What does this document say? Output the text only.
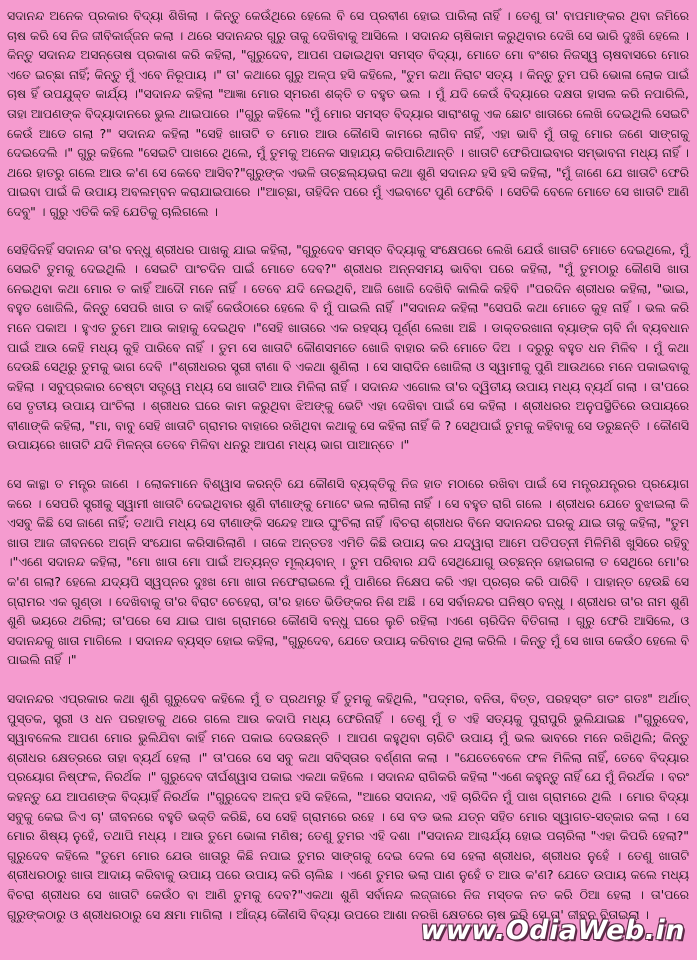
ସଦାନନ୍ଦ ଅନେକ ପ୍ରକାର ବିଦ୍ୟା ଶିଖିଲା । କିନ୍ତୁ କେଉଁଥିରେ ହେଲେ ବି ସେ ପ୍ରବୀଣ ହୋଇ ପାରିଲା ନାହିଁ । ତେଣୁ ତା' ବାପମାଙ୍କର ଥିବା ଜମିରେ ଚାଷ କରି ସେ ନିଜ ଜୀବିକାର୍ଜ୍ଜନ କଲା । ଥରେ ସଦାନନ୍ଦର ଗୁରୁ ତାକୁ ଦେଖିବାକୁ ଆସିଲେ । ସଦାନନ୍ଦ ଚାଷିକାମ କରୁଥିବାର ଦେଖି ସେ ଭାରି ଦୁଃଖି ହେଲେ । କିନ୍ତୁ ସଦାନନ୍ଦ ଅସନ୍ତୋଷ ପ୍ରକାଶ କରି କହିଲା, "ଗୁରୁଦେବ, ଆପଣ ପଢାଇଥିବା ସମସ୍ତ ବିଦ୍ୟା, ମୋତେ ମୋ ବଂଶର ନିଜସ୍ୱ ଚାଷବାସରେ ମୋର ଏତେ ଇଚ୍ଛା ନାହିଁ; କିନ୍ତୁ ମୁଁ ଏବେ ନିରୂପାୟ ।" ତା' କଥାରେ ଗୁରୁ ଅଳ୍ପ ହସି କହିଲେ, "ତୁମ କଥା ନିରାଟ ସତ୍ୟ । କିନ୍ତୁ ତୁମ ପରି ଭୋଳା ଲୋକ ପାଇଁ ଚାଷ ହିଁ ଉପଯୁକ୍ତ କାର୍ଯ୍ୟ ।"ସଦାନନ୍ଦ କହିଲା "ଆଜ୍ଞା ମୋର ସ୍ମରଣ ଶକ୍ତି ତ ବହୁତ ଭଲ । ମୁଁ ଯଦି କେଉଁ ବିଦ୍ୟାରେ ଦକ୍ଷତା ହାସଲ କରି ନପାରିଲି, ତାହା ଆପଣଙ୍କ ବିଦ୍ୟାଦାନରେ ଭୁଲ ଥାଇପାରେ ।"ଗୁରୁ କହିଲେ "ମୁଁ ମୋର ସମସ୍ତ ବିଦ୍ୟାର ସାରାଂଶକୁ ଏକ ଛୋଟ ଖାତାରେ ଲେଖି ଦେଇଥିଲି ସେଇଟି କେଉଁ ଆଡେ ଗଲା ?" ସଦାନନ୍ଦ କହିଲା "ସେହି ଖାତାଟି ତ ମୋର ଆଉ କୌଣସି କାମରେ ଲାଗିବ ନାହିଁ, ଏହା ଭାବି ମୁଁ ତାକୁ ମୋର ଜଣେ ସାଙ୍ଗକୁ ଦେଇଦେଲି ।" ଗୁରୁ କହିଲେ "ସେଇଟି ପାଖରେ ଥିଲେ, ମୁଁ ତୁମକୁ ଅନେକ ସାହାଯ୍ୟ କରିପାରିଥାନ୍ତି । ଖାତାଟି ଫେରିପାଇବାର ସମ୍ଭାବନା ମଧ୍ୟ ନାହିଁ ।ଥରେ ହାତରୁ ଗଲେ ଆଉ କ'ଣ ସେ କେବେ ଆସିବ?"ଗୁରୁଙ୍କ ଏଭଳି ତାଚ୍ଛଲ୍ୟଭରା କଥା ଶୁଣି ସଦାନନ୍ଦ ହସି ହସି କହିଲା, "ମୁଁ ଜାଣେ ଯେ ଖାତାଟି ଫେରି ପାଇବା ପାଇଁ କି ଉପାୟ ଅବଲମ୍ବନ କରାଯାଇପାରେ ।"ଆଚ୍ଛା, ତାହିଦିନ ପରେ ମୁଁ ଏଇବାଟେ ପୁଣି ଫେରିବି । ସେତିକି ବେଳେ ମୋତେ ସେ ଖାତାଟି ଆଣି ଦେବୁ" । ଗୁରୁ ଏତିକି କହି ଯେତିକୁ ଚାଲିଗଲେ ।

ସେହିଦିନହିଁ ସଦାନନ୍ଦ ତା'ର ବନ୍ଧୁ ଶ୍ରୀଧର ପାଖକୁ ଯାଇ କହିଲା, "ଗୁରୁଦେବ ସମସ୍ତ ବିଦ୍ୟାକୁ ସଂକ୍ଷେପରେ ଲେଖି ଯେଉଁ ଖାତାଟି ମୋତେ ଦେଇଥିଲେ, ମୁଁ ସେଇଟି ତୁମକୁ ଦେଇଥିଲି । ସେଇଟି ପାଂଚଦିନ ପାଇଁ ମୋତେ ଦେବ?" ଶ୍ରୀଧର ଅନ୍ନସମୟ ଭାବିବା ପରେ କହିଲା, "ମୁଁ ତୁମଠାରୁ କୌଣସି ଖାତା ନେଇଥିବା କଥା ମୋର ତ କାହିଁ ଆଦୌ ମନେ ନାହିଁ । ତେବେ ଯଦି ନେଇଥିବି, ଆଜି ଖୋଜି ଦେଖିବି କାଲିକି କହିବି ।"ପରଦିନ ଶ୍ରୀଧର କହିଲା, "ଭାଇ, ବହୁତ ଖୋଜିଲି, କିନ୍ତୁ ସେପରି ଖାତା ତ କାହିଁ କେଉଁଠାରେ ହେଲେ ବି ମୁଁ ପାଇଲି ନାହିଁ ।"ସଦାନନ୍ଦ କହିଲା "ସେପରି କଥା ମୋତେ କୁହ ନାହିଁ । ଭଲ କରି ମନେ ପକାଅ । ହୁଏତ ତୁମେ ଆଉ କାହାକୁ ଦେଇଥିବ ।"ସେହି ଖାତାରେ ଏକ ରହସ୍ୟ ପୂର୍ଣ୍ଣ ଲେଖା ଅଛି । ଡାକ୍ତରଖାନା ବ୍ୟାଙ୍କ ଚାବି ନାଁ ବ୍ୟବଧାନ ପାଇଁ ଆଉ କେହି ମଧ୍ୟ କୁହି ପାରିବେ ନାହିଁ । ତୁମ ସେ ଖାତାଟି କୌଣସମତେ ଖୋଜି ବାହାର କରି ମୋତେ ଦିଅ । ଦରୁରୁ ବହୁତ ଧନ ମିଳିବ । ମୁଁ କଥା ଦେଉଛି ସେଥିରୁ ତୁମକୁ ଭାଗ ଦେବି ।"ଶ୍ରୀଧରର ସ୍ତ୍ରୀ ବୀଣା ବି ଏକଥା ଶୁଣିଲା । ସେ ସାରାଦିନ ଖୋଜିଲା ଓ ସ୍ୱାମୀକୁ ପୁଣି ଆଉଥରେ ମନେ ପକାଇବାକୁ କହିଲା । ସବୁପ୍ରକାର ଚେଷ୍ଟା ସତ୍ତ୍ୱେ ମଧ୍ୟ ସେ ଖାତାଟି ଆଉ ମିଳିଲା ନାହିଁ । ସଦାନନ୍ଦ ଏଗୋଲ ତା'ର ଦ୍ୱିତୀୟ ଉପାୟ ମଧ୍ୟ ବ୍ୟର୍ଥ ଗଲା । ତା'ପରେ ସେ ତୃତୀୟ ଉପାୟ ପାଂଚିଲା । ଶ୍ରୀଧର ଘରେ କାମ କରୁଥିବା ଝିଅଙ୍କୁ ଭେଟି ଏହା ଦେଖିବା ପାଇଁ ସେ କହିଲା । ଶ୍ରୀଧରର ଅନୁପସ୍ଥିତିରେ ଉପାୟରେ ବୀଣାଙ୍କି କହିଲା, "ମା, ବାବୁ ସେହି ଖାତାଟି ଗ୍ରାମର ବାହାରେ ରଖିଥିବା କଥାକୁ ସେ କହିଲା ନାହିଁ କି ? ସେଥିପାଇଁ ତୁମକୁ କହିବାକୁ ସେ ଡରୁଛନ୍ତି । କୌଣସି ଉପାୟରେ ଖାତାଟି ଯଦି ମିଳନ୍ତା ତେବେ ମିଳିବା ଧନରୁ ଆପଣ ମଧ୍ୟ ଭାଗ ପାଆନ୍ତେ ।"

ସେ କାନ୍ଥା ତ ମନ୍ତ୍ର ଜାଣେ । ଲୋକମାନେ ବିଶ୍ୱାସ କରନ୍ତି ଯେ କୌଣସି ବ୍ୟକ୍ତିକୁ ନିଜ ହାତ ମଠାରେ ରଖିବା ପାଇଁ ସେ ମନ୍ତ୍ରଯନ୍ତ୍ରର ପ୍ରୟୋଗ କରେ । ସେପରି ସ୍ତ୍ରୀକୁ ସ୍ୱାମୀ ଖାତାଟି ଦେଇଥିବାର ଶୁଣି ବୀଣାଙ୍କୁ ମୋଟେ ଭଲ ଲାଗିଲା ନାହିଁ । ସେ ବହୁତ ରାଗି ଗଲେ । ଶ୍ରୀଧର ଯେତେ ବୁଝାଇଲା କି ଏସବୁ କିଛି ସେ ଜାଣେ ନାହିଁ; ତଥାପି ମଧ୍ୟ ସେ ବୀଣାଙ୍କି ସନ୍ଦେହ ଆଉ ଘୁଂଚିଲା ନାହିଁ ।ବିଚରା ଶ୍ରୀଧର ବିନେ ସଦାନନ୍ଦର ଘରକୁ ଯାଇ ତାକୁ କହିଲା, "ତୁମ ଖାତା ଆଜ ଜୀବନରେ ଅଗ୍ନି ସଂଯୋଗ କରିସାରିଲାଣି । ତାକେ ଅନ୍ତତଃ ଏମିତି କିଛି ଉପାୟ କର ଯଦ୍ୱାରା ଆମେ ପତିପତ୍ନୀ ମିଳିମିଶି ଖୁସିରେ ରହିବୁ ।"ଏଣେ ସଦାନନ୍ଦ କହିଲା, "ମୋ ଖାତା ମୋ ପାଇଁ ଅତ୍ୟନ୍ତ ମୂଲ୍ୟବାନ୍ । ତୁମ ପରିବାର ଯଦି ସେଥିଯୋଗୁ ଉଚ୍ଛନ୍ନ ହୋଇଗଲା ତ ସେଥିରେ ମୋ'ର କ'ଣ ଗଲା? ହେଲେ ଯଦ୍ୟପି ସ୍ୱପ୍ନର ଦୁଃଖ ମୋ ଖାତା ନଫେରାଇଲେ ମୁଁ ପାଣିରେ ନିକ୍ଷେପ କରି ଏହା ପ୍ରଚାର କରି ପାରିବି । ପାହାନ୍ତ ହେଉଛି ସେ ଗ୍ରାମର ଏକ ଗୁଣ୍ଡା । ଦେଖିବାକୁ ତା'ର ବିରାଟ ଚେହେରା, ତା'ର ହାତେ ଭିଡିଙ୍କର ନିଶ ଅଛି । ସେ ସର୍ବାନନ୍ଦର ଘନିଷ୍ଠ ବନ୍ଧୁ । ଶ୍ରୀଧର ତା'ର ନାମ ଶୁଣି ଶୁଣି ଭୟରେ ଥରିଲା; ତା'ପରେ ସେ ଯାଇ ପାଖ ଗ୍ରାମରେ କୌଣସି ବନ୍ଧୁ ଘରେ ଲୁଚି ରହିଲା ।ଏଣେ ଚାରିଦିନ ବିତିଗଲା । ଗୁରୁ ଫେରି ଆସିଲେ, ଓ ସଦାନନ୍ଦକୁ ଖାତା ମାଗିଲେ । ସଦାନନ୍ଦ ବ୍ୟସ୍ତ ହୋଇ କହିଲା, "ଗୁରୁଦେବ, ଯେତେ ଉପାୟ କରିବାର ଥିଲା କରିଲି । କିନ୍ତୁ ମୁଁ ସେ ଖାତା କେଉଁଠ ହେଲେ ବି ପାଇଲି ନାହିଁ ।"

ସଦାନନ୍ଦର ଏପ୍ରକାର କଥା ଶୁଣି ଗୁରୁଦେବ କହିଲେ ମୁଁ ତ ପ୍ରଥମରୁ ହିଁ ତୁମକୁ କହିଥିଲି, "ପଦ୍ମର, ବନିତା, ବିତ୍ତ, ପରହସ୍ତଂ ଗତଂ ଗତଃ" ଅର୍ଥାତ୍ ପୁସ୍ତକ, ସ୍ତ୍ରୀ ଓ ଧନ ପରହାତକୁ ଥରେ ଗଲେ ଆଉ କଦାପି ମଧ୍ୟ ଫେରିନାହିଁ । ତେଣୁ ମୁଁ ତ ଏହି ସତ୍ୟକୁ ପୁରାପୁରି ଭୁଲିଯାଇଛ ।"ଗୁରୁଦେବ, ସ୍ୱାବଳେଲ ଆପଣ ମୋର ଭୁଲିଯିବା କାହିଁ ମନେ ପକାଇ ଦେଉଛନ୍ତି । ଆପଣ କହୁଥିବା ଚାରିଟି ଉପାୟ ମୁଁ ଭଲ ଭାବରେ ମନେ ରଖିଥିଲି; କିନ୍ତୁ ଶ୍ରୀଧର କ୍ଷେତ୍ରରେ ତାହା ବ୍ୟର୍ଥ ହେଲା ।" ତା'ପରେ ସେ ସବୁ କଥା ସବିସ୍ତାର ବର୍ଣ୍ଣନା କଲା । "ଯେତେବେଳେ ଫଳ ମିଳିଲା ନାହିଁ, ତେବେ ବିଦ୍ୟାର ପ୍ରୟୋଗ ନିଷ୍ଫଳ, ନିରର୍ଥକ ।" ଗୁରୁଦେବ ଦୀର୍ଘଶ୍ୱାସ ପକାଇ ଏକଥା କହିଲେ । ସଦାନନ୍ଦ ରାଗିକରି କହିଲା "ଏଣେ କହୁନ୍ତୁ ନାହିଁ ଯେ ମୁଁ ନିରର୍ଥକ । ବରଂ କହନ୍ତୁ ଯେ ଆପଣଙ୍କ ବିଦ୍ୟାହିଁ ନିରର୍ଥକ ।"ଗୁରୁଦେବ ଅଳ୍ପ ହସି କହିଲେ, "ଆରେ ସଦାନନ୍ଦ, ଏହି ଚାରିଦିନ ମୁଁ ପାଖ ଗ୍ରାମରେ ଥିଲି । ମୋର ବିଦ୍ୟା ସବୁକୁ କେଇ ଜିଏ ଚା' ଜୀବନରେ ବହୁତି ଭକ୍ତି କରିଛି, ସେ ସେହି ଗ୍ରାମରେ ରହେ । ସେ ବଡ ଭଲ ଯତ୍ନ ସହିତ ମୋର ସ୍ୱାଗତ-ସତ୍କାର କଲା । ସେ ମୋର ଶିଷ୍ୟ ନୁହେଁ, ତଥାପି ମଧ୍ୟ । ଆଉ ତୁମେ ଭୋଳା ମଣିଷ; ତେଣୁ ତୁମର ଏହି ଦଶା ।"ସଦାନନ୍ଦ ଆଶ୍ଚର୍ଯ୍ୟ ହୋଇ ପଚାରିଲା "ଏହା କିପରି ହେଲା?" ଗୁରୁଦେବ କହିଲେ "ତୁମେ ମୋର ଯେଉ ଖାତାରୁ କିଛି ନପାଇ ତୁମର ସାଙ୍ଗକୁ ଦେଇ ଦେଲ ସେ ହେଲା ଶ୍ରୀଧର, ଶ୍ରୀଧର ନୁହେଁ । ତେଣୁ ଖାତାଟି ଶ୍ରୀଧରଠାରୁ ଖାତା ଆଦାୟ କରିବାକୁ ଉପାୟ ପରେ ଉପାୟ କରି ଚାଲିଛ । ଏଣେ ତୁମର ଭଲା ପାଣ ନୁହେଁ ତ ଆଉ କ'ଣ? ଯେତେ ଉପାୟ କଲେ ମଧ୍ୟ ବିଚରା ଶ୍ରୀଧର ସେ ଖାତାଟି କେଉଁଠ ବା ଆଣି ତୁମକୁ ଦେବ?"ଏକଥା ଶୁଣି ସର୍ବାନନ୍ଦ ଲଜ୍ଜାରେ ନିଜ ମସ୍ତକ ନତ କରି ଠିଆ ହେଲା । ତା'ପରେ ଗୁରୁଙ୍କଠାରୁ ଓ ଶ୍ରୀଧରଠାରୁ ସେ କ୍ଷମା ମାଗିଲା । ଆଁଜ୍ୟ କୌଣସି ବିଦ୍ୟା ଉପରେ ଆଶା ନରଖି କ୍ଷେତରେ ଚାଷ କରି ସେ ତା' ଜୀବନ ବିତାଇଲା ।

www.OdiaWeb.in
